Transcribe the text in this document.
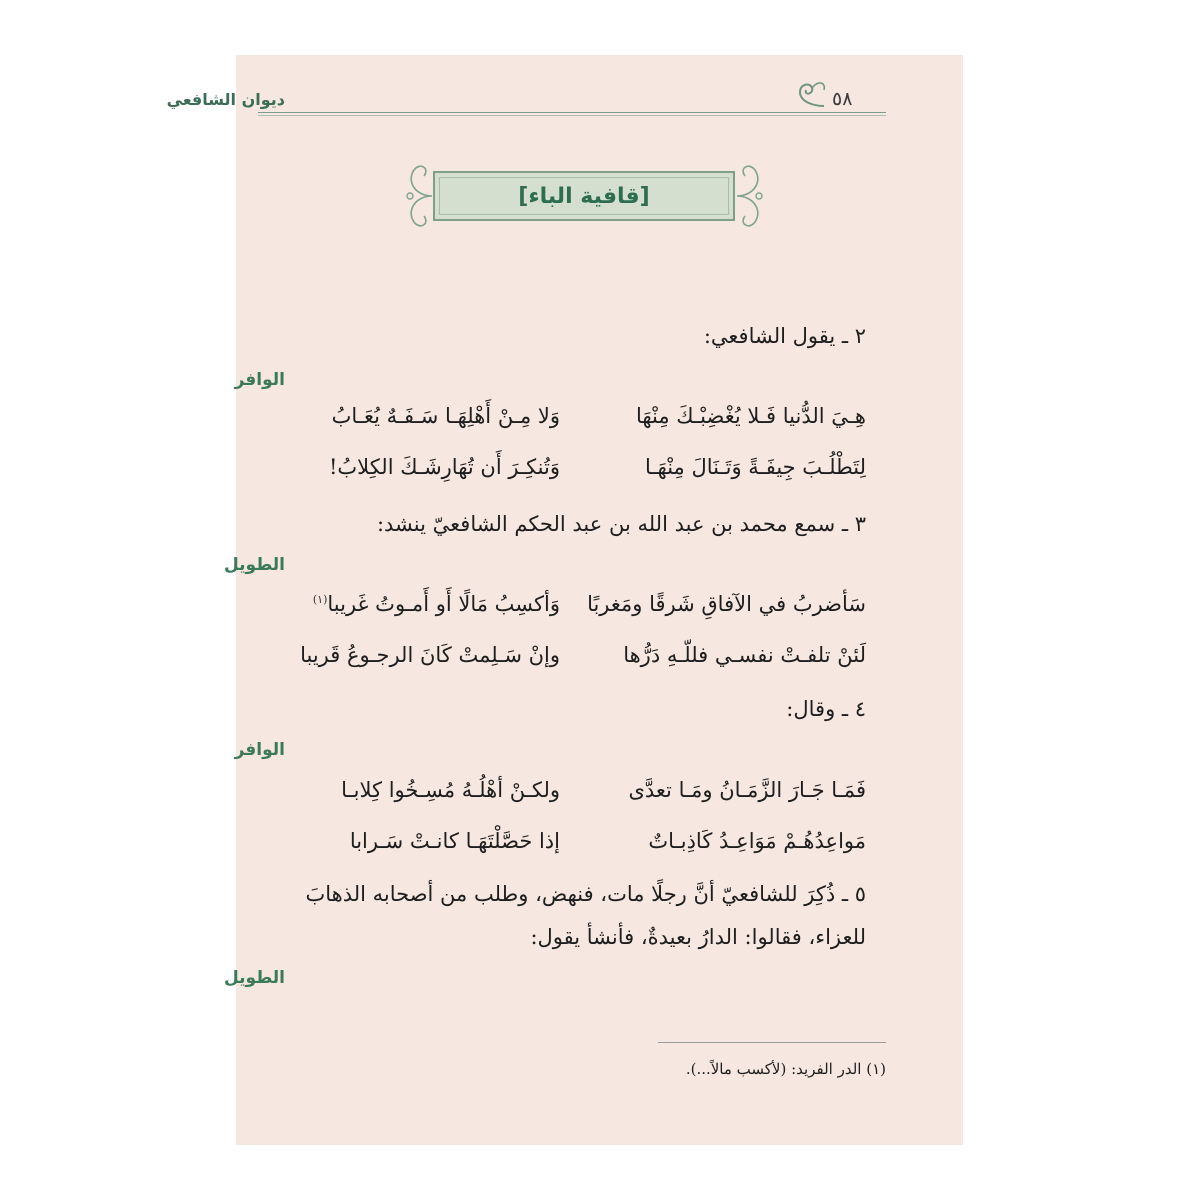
٥٨
ديوان الشافعي
[قافية الباء]
٢ ـ يقول الشافعي:
الوافر
هِـيَ الدُّنيا فَـلا يُغْضِبْـكَ مِنْهَا
وَلا مِـنْ أَهْلِهَـا سَـفَـهٌ يُعَـابُ
لِتَطْلُـبَ جِيفَـةً وَتَـنَالَ مِنْهَـا
وَتُنكِـرَ أَن تُهَارِشَـكَ الكِلابُ!
٣ ـ سمع محمد بن عبد الله بن عبد الحكم الشافعيّ ينشد:
الطويل
سَأضربُ في الآفاقِ شَرقًا ومَغربًا
وَأكسِبُ مَالًا أَو أَمـوتُ غَريبا$^{(١)}$
لَئنْ تلفـتْ نفسـي فللّـهِ دَرُّها
وإنْ سَـلِمتْ كَانَ الرجـوعُ قَريبا
٤ ـ وقال:
الوافر
فَمَـا جَـارَ الزَّمَـانُ ومَـا تعدَّى
ولكـنْ أهْلُـهُ مُسِـخُوا كِلابـا
مَواعِدُهُـمْ مَوَاعِـدُ كَاذِبـاتٌ
إذا حَصَّلْتَهَـا كانـتْ سَـرابا
٥ ـ ذُكِرَ للشافعيّ أنَّ رجلًا مات، فنهض، وطلب من أصحابه الذهابَ
للعزاء، فقالوا: الدارُ بعيدةٌ، فأنشأ يقول:
الطويل
(١) الدر الفريد: (لأكسب مالاً...).
